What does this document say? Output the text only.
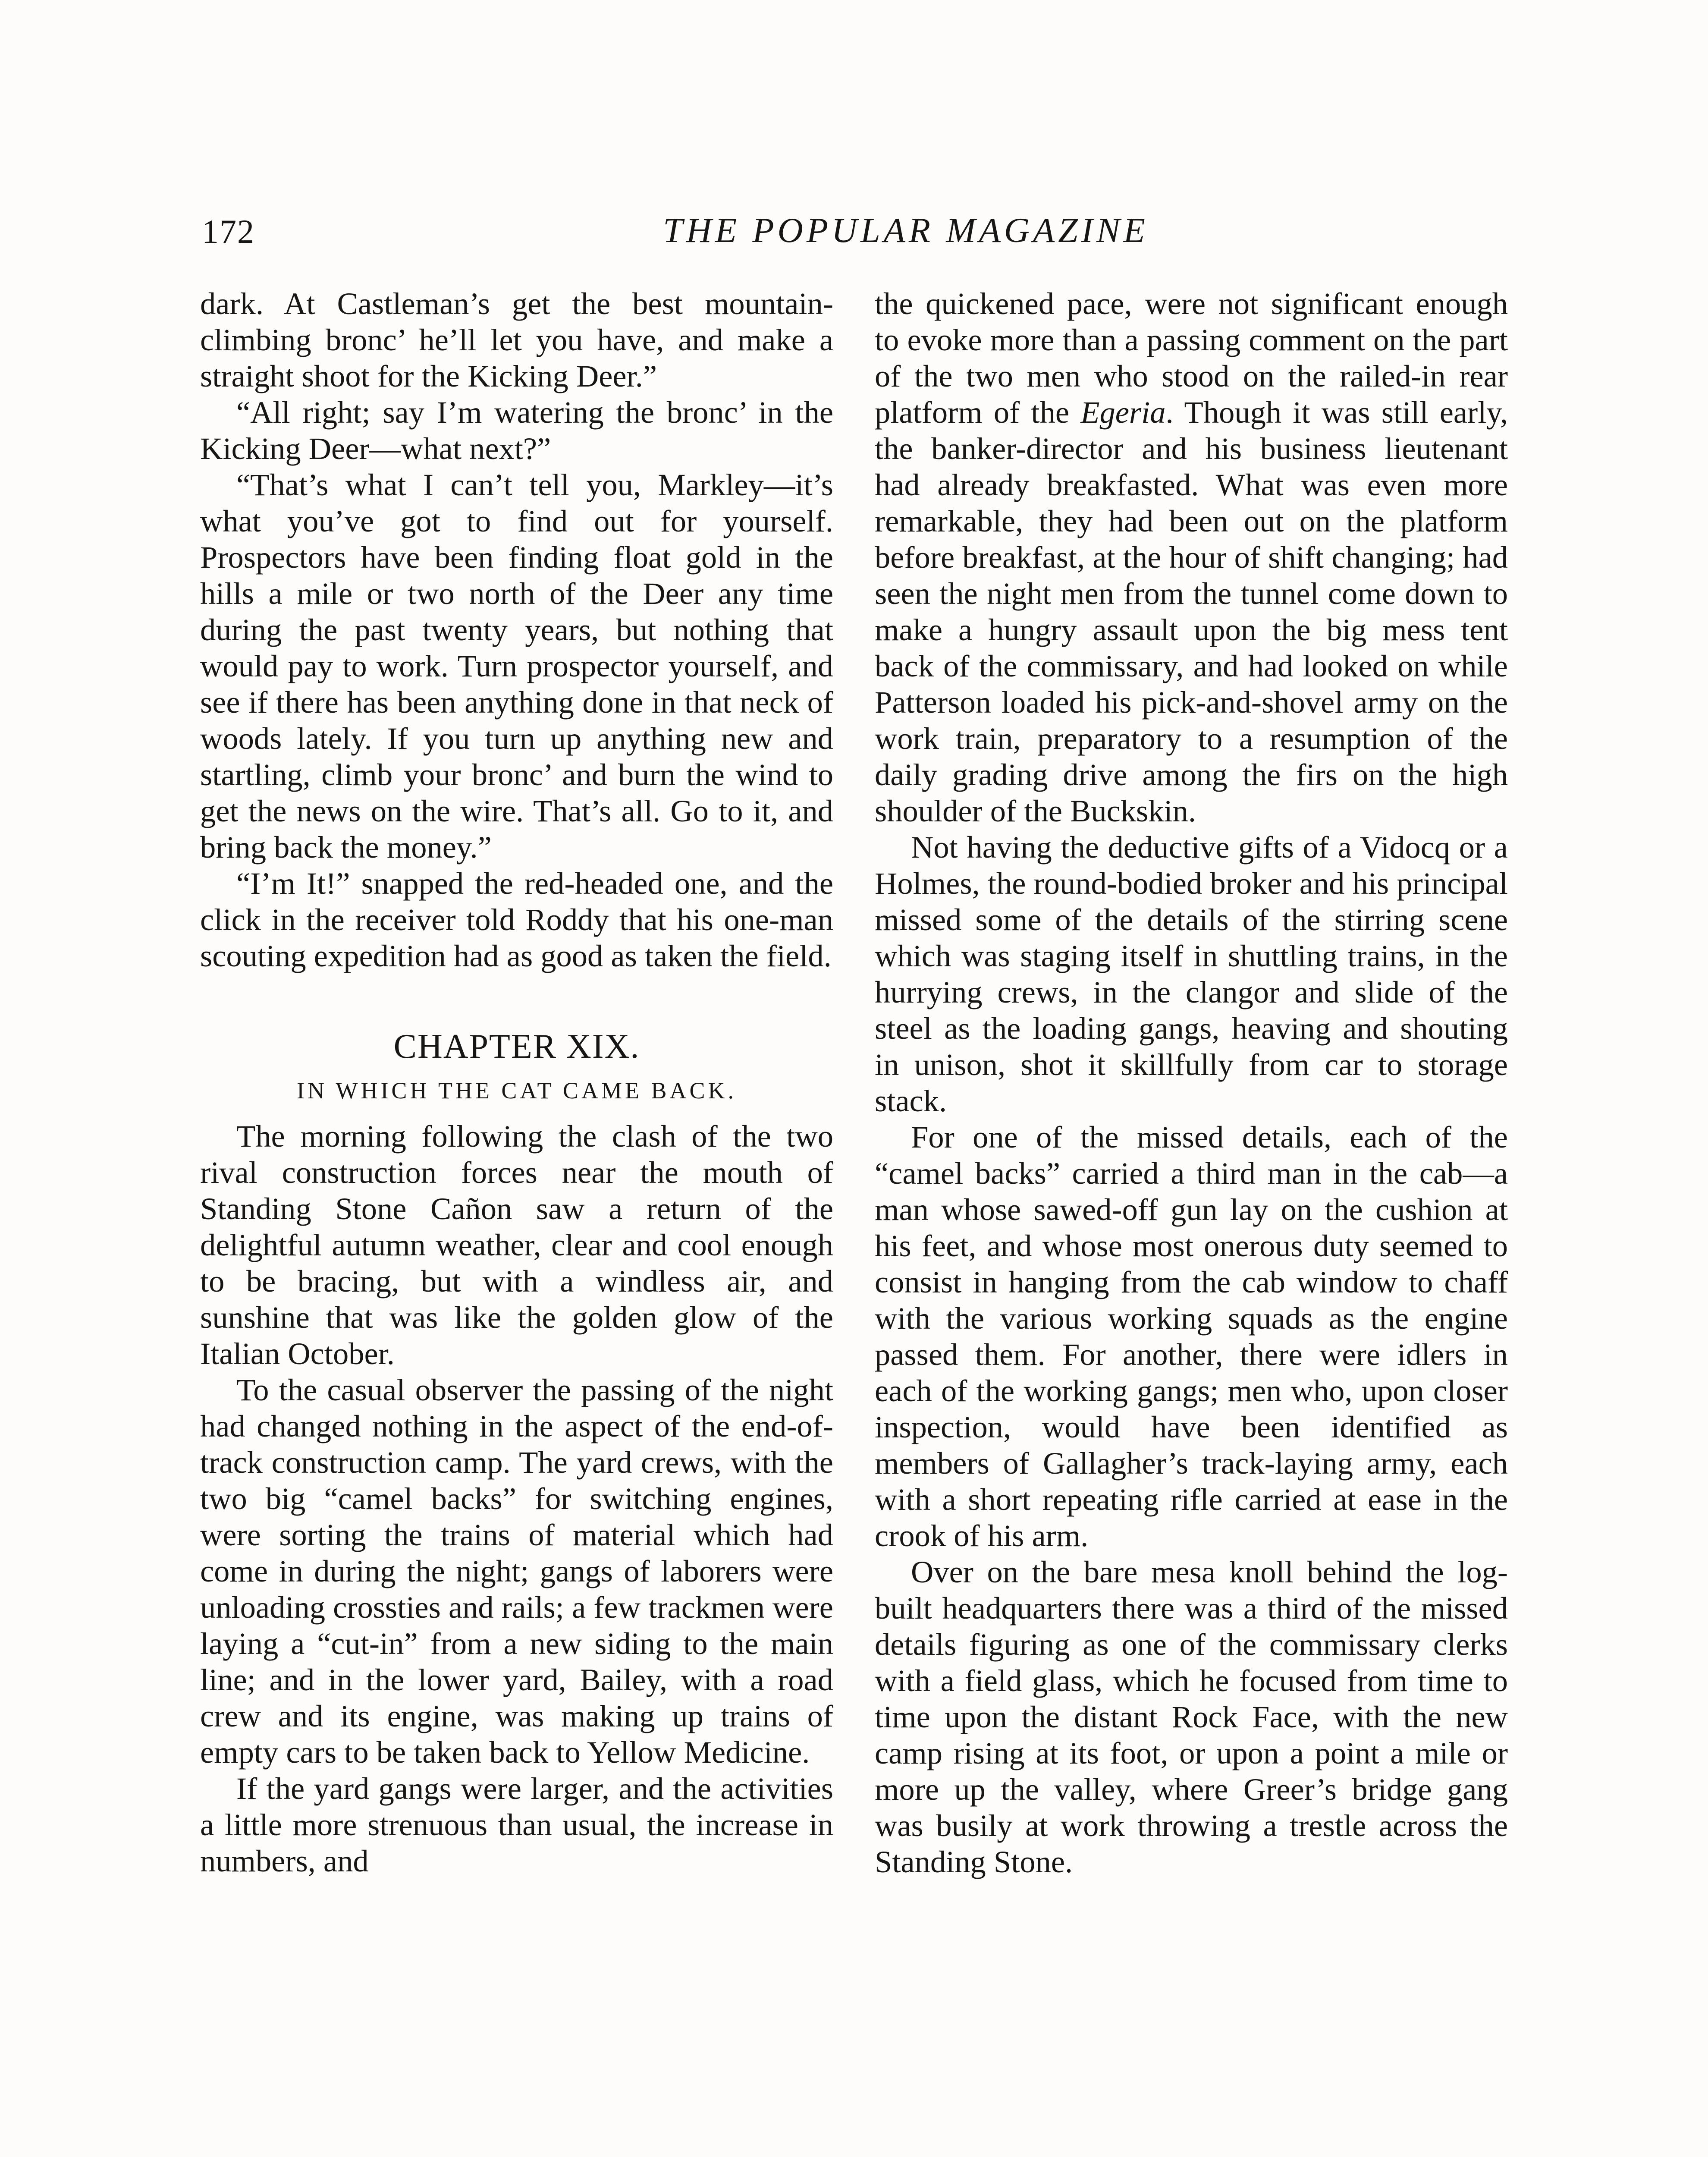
172	THE POPULAR MAGAZINE

dark. At Castleman’s get the best mountain-climbing bronc’ he’ll let you have, and make a straight shoot for the Kicking Deer.”

“All right; say I’m watering the bronc’ in the Kicking Deer—what next?”

“That’s what I can’t tell you, Markley—it’s what you’ve got to find out for yourself. Prospectors have been finding float gold in the hills a mile or two north of the Deer any time during the past twenty years, but nothing that would pay to work. Turn prospector yourself, and see if there has been anything done in that neck of woods lately. If you turn up anything new and startling, climb your bronc’ and burn the wind to get the news on the wire. That’s all. Go to it, and bring back the money.”

“I’m It!” snapped the red-headed one, and the click in the receiver told Roddy that his one-man scouting expedition had as good as taken the field.

CHAPTER XIX.
IN WHICH THE CAT CAME BACK.

The morning following the clash of the two rival construction forces near the mouth of Standing Stone Cañon saw a return of the delightful autumn weather, clear and cool enough to be bracing, but with a windless air, and sunshine that was like the golden glow of the Italian October.

To the casual observer the passing of the night had changed nothing in the aspect of the end-of-track construction camp. The yard crews, with the two big “camel backs” for switching engines, were sorting the trains of material which had come in during the night; gangs of laborers were unloading crossties and rails; a few trackmen were laying a “cut-in” from a new siding to the main line; and in the lower yard, Bailey, with a road crew and its engine, was making up trains of empty cars to be taken back to Yellow Medicine.

If the yard gangs were larger, and the activities a little more strenuous than usual, the increase in numbers, and

the quickened pace, were not significant enough to evoke more than a passing comment on the part of the two men who stood on the railed-in rear platform of the Egeria. Though it was still early, the banker-director and his business lieutenant had already breakfasted. What was even more remarkable, they had been out on the platform before breakfast, at the hour of shift changing; had seen the night men from the tunnel come down to make a hungry assault upon the big mess tent back of the commissary, and had looked on while Patterson loaded his pick-and-shovel army on the work train, preparatory to a resumption of the daily grading drive among the firs on the high shoulder of the Buckskin.

Not having the deductive gifts of a Vidocq or a Holmes, the round-bodied broker and his principal missed some of the details of the stirring scene which was staging itself in shuttling trains, in the hurrying crews, in the clangor and slide of the steel as the loading gangs, heaving and shouting in unison, shot it skillfully from car to storage stack.

For one of the missed details, each of the “camel backs” carried a third man in the cab—a man whose sawed-off gun lay on the cushion at his feet, and whose most onerous duty seemed to consist in hanging from the cab window to chaff with the various working squads as the engine passed them. For another, there were idlers in each of the working gangs; men who, upon closer inspection, would have been identified as members of Gallagher’s track-laying army, each with a short repeating rifle carried at ease in the crook of his arm.

Over on the bare mesa knoll behind the log-built headquarters there was a third of the missed details figuring as one of the commissary clerks with a field glass, which he focused from time to time upon the distant Rock Face, with the new camp rising at its foot, or upon a point a mile or more up the valley, where Greer’s bridge gang was busily at work throwing a trestle across the Standing Stone.
